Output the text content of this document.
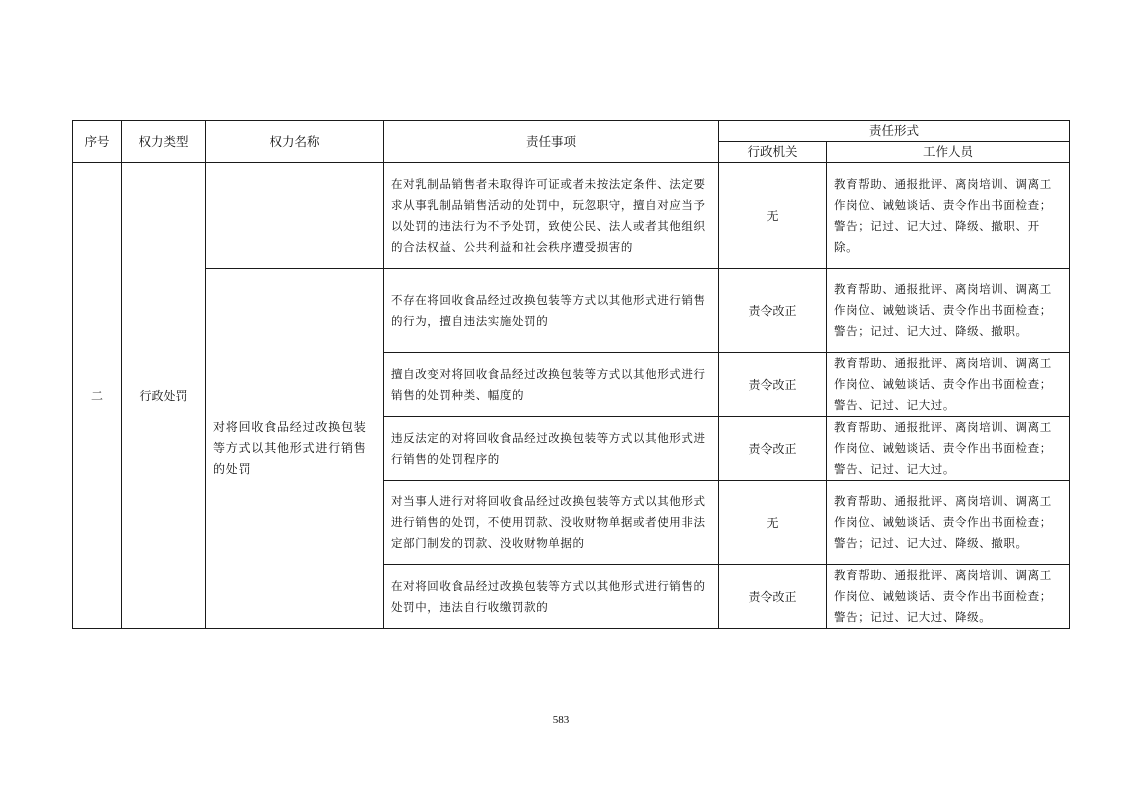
序号	权力类型	权力名称	责任事项	责任形式	
				行政机关	工作人员
二	行政处罚		在对乳制品销售者未取得许可证或者未按法定条件、法定要求从事乳制品销售活动的处罚中，玩忽职守，擅自对应当予以处罚的违法行为不予处罚，致使公民、法人或者其他组织的合法权益、公共利益和社会秩序遭受损害的	无	教育帮助、通报批评、离岗培训、调离工作岗位、诫勉谈话、责令作出书面检查；警告；记过、记大过、降级、撤职、开除。
		对将回收食品经过改换包装等方式以其他形式进行销售的处罚	不存在将回收食品经过改换包装等方式以其他形式进行销售的行为，擅自违法实施处罚的	责令改正	教育帮助、通报批评、离岗培训、调离工作岗位、诫勉谈话、责令作出书面检查；警告；记过、记大过、降级、撤职。
			擅自改变对将回收食品经过改换包装等方式以其他形式进行销售的处罚种类、幅度的	责令改正	教育帮助、通报批评、离岗培训、调离工作岗位、诫勉谈话、责令作出书面检查；警告、记过、记大过。
			违反法定的对将回收食品经过改换包装等方式以其他形式进行销售的处罚程序的	责令改正	教育帮助、通报批评、离岗培训、调离工作岗位、诫勉谈话、责令作出书面检查；警告、记过、记大过。
			对当事人进行对将回收食品经过改换包装等方式以其他形式进行销售的处罚，不使用罚款、没收财物单据或者使用非法定部门制发的罚款、没收财物单据的	无	教育帮助、通报批评、离岗培训、调离工作岗位、诫勉谈话、责令作出书面检查；警告；记过、记大过、降级、撤职。
			在对将回收食品经过改换包装等方式以其他形式进行销售的处罚中，违法自行收缴罚款的	责令改正	教育帮助、通报批评、离岗培训、调离工作岗位、诫勉谈话、责令作出书面检查；警告；记过、记大过、降级。
583
